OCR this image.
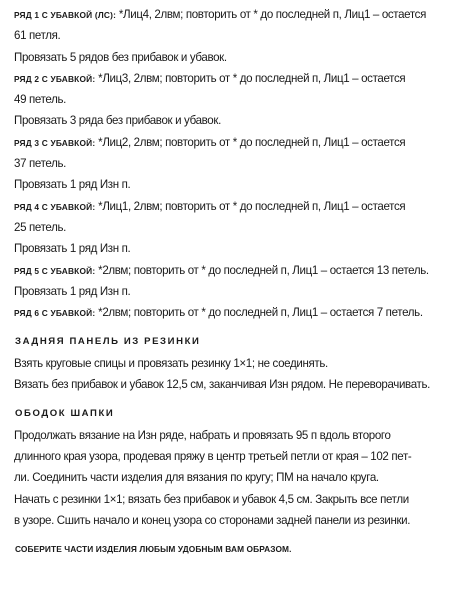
РЯД 1 С УБАВКОЙ (ЛС): *Лиц4, 2лвм; повторить от * до последней п, Лиц1 – остается
61 петля.
Провязать 5 рядов без прибавок и убавок.
РЯД 2 С УБАВКОЙ: *Лиц3, 2лвм; повторить от * до последней п, Лиц1 – остается
49 петель.
Провязать 3 ряда без прибавок и убавок.
РЯД 3 С УБАВКОЙ: *Лиц2, 2лвм; повторить от * до последней п, Лиц1 – остается
37 петель.
Провязать 1 ряд Изн п.
РЯД 4 С УБАВКОЙ: *Лиц1, 2лвм; повторить от * до последней п, Лиц1 – остается
25 петель.
Провязать 1 ряд Изн п.
РЯД 5 С УБАВКОЙ: *2лвм; повторить от * до последней п, Лиц1 – остается 13 петель.
Провязать 1 ряд Изн п.
РЯД 6 С УБАВКОЙ: *2лвм; повторить от * до последней п, Лиц1 – остается 7 петель.
ЗАДНЯЯ ПАНЕЛЬ ИЗ РЕЗИНКИ
Взять круговые спицы и провязать резинку 1×1; не соединять.
Вязать без прибавок и убавок 12,5 см, заканчивая Изн рядом. Не переворачивать.
ОБОДОК ШАПКИ
Продолжать вязание на Изн ряде, набрать и провязать 95 п вдоль второго
длинного края узора, продевая пряжу в центр третьей петли от края – 102 пет-
ли. Соединить части изделия для вязания по кругу; ПМ на начало круга.
Начать с резинки 1×1; вязать без прибавок и убавок 4,5 см. Закрыть все петли
в узоре. Сшить начало и конец узора со сторонами задней панели из резинки.
СОБЕРИТЕ ЧАСТИ ИЗДЕЛИЯ ЛЮБЫМ УДОБНЫМ ВАМ ОБРАЗОМ.
